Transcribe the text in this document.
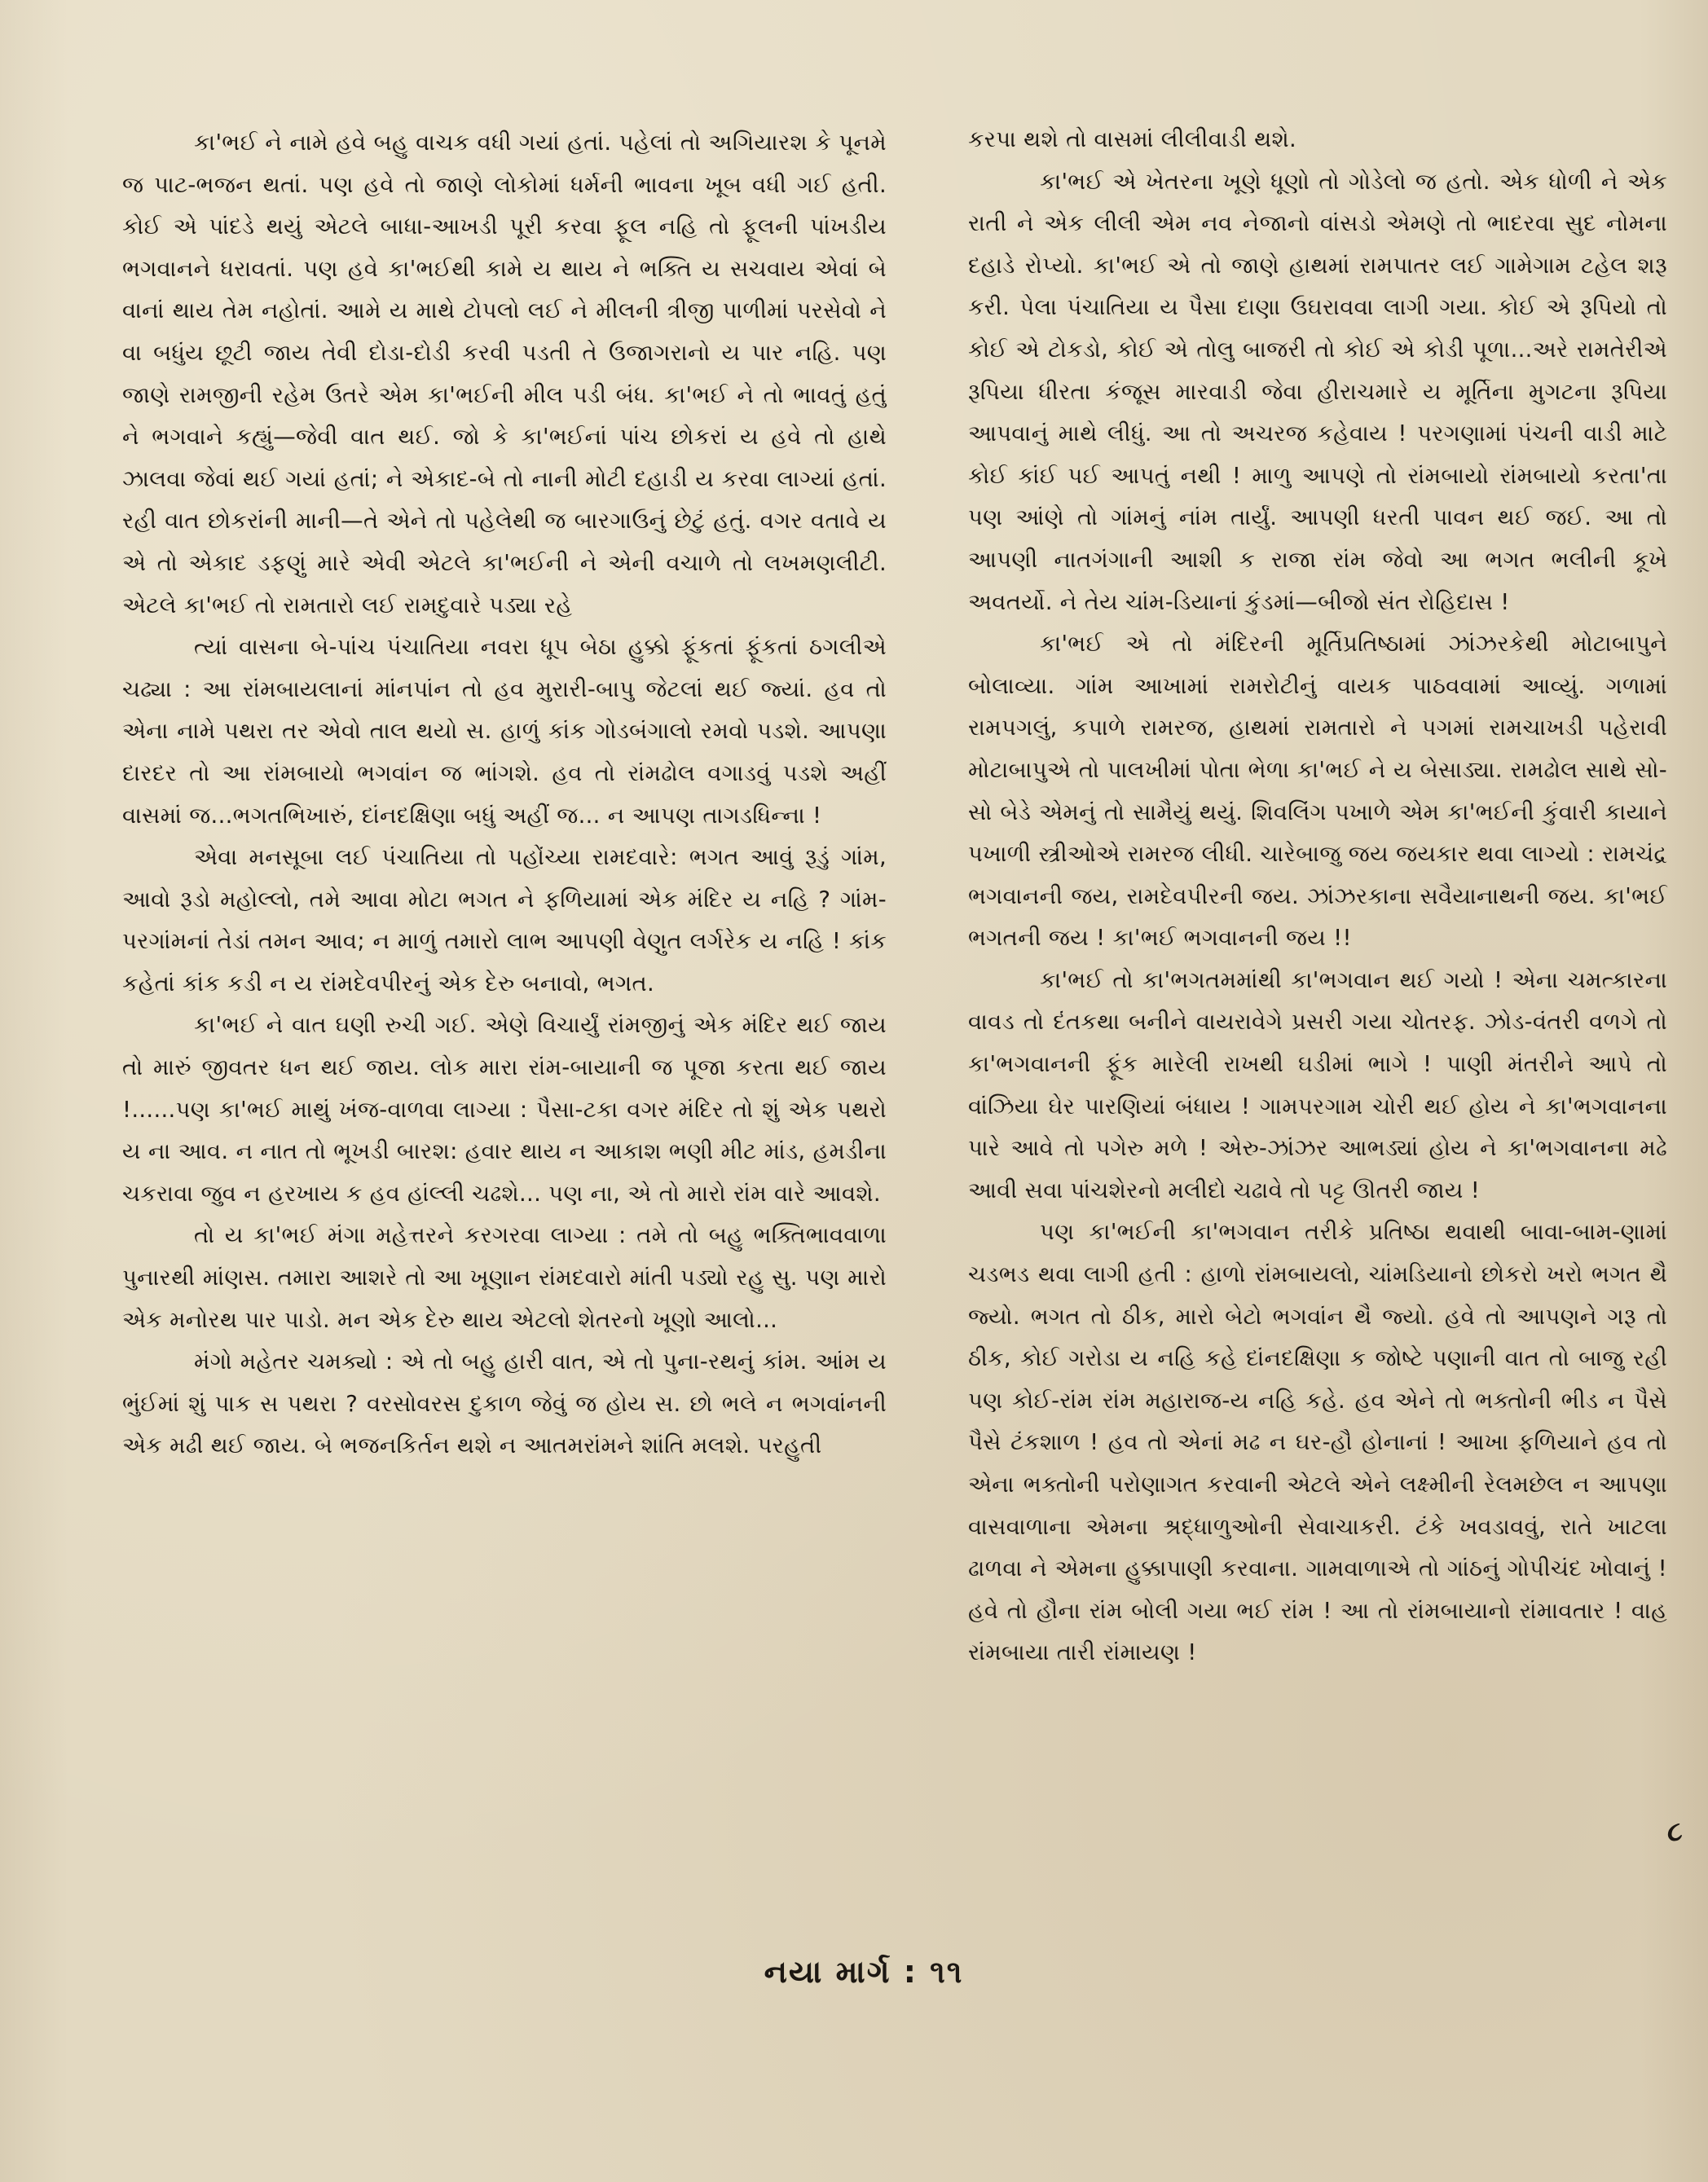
કા'ભઈ ને નામે હવે બહુ વાચક વધી ગયાં હતાં. પહેલાં તો અગિયારશ કે પૂનમે જ પાટ-ભજન થતાં. પણ હવે તો જાણે લોકોમાં ધર્મની ભાવના ખૂબ વધી ગઈ હતી. કોઈ એ પાંદડે થયું એટલે બાધા-આખડી પૂરી કરવા ફૂલ નહિ તો ફૂલની પાંખડીય ભગવાનને ધરાવતાં. પણ હવે કા'ભઈથી કામે ય થાય ને ભક્તિ ય સચવાય એવાં બે વાનાં થાય તેમ નહોતાં. આમે ય માથે ટોપલો લઈ ને મીલની ત્રીજી પાળીમાં પરસેવો ને વા બધુંય છૂટી જાય તેવી દોડા-દોડી કરવી પડતી તે ઉજાગરાનો ય પાર નહિ. પણ જાણે રામજીની રહેમ ઉતરે એમ કા'ભઈની મીલ પડી બંધ. કા'ભઈ ને તો ભાવતું હતું ને ભગવાને કહ્યું—જેવી વાત થઈ. જો કે કા'ભઈનાં પાંચ છોકરાં ય હવે તો હાથે ઝાલવા જેવાં થઈ ગયાં હતાં; ને એકાદ-બે તો નાની મોટી દહાડી ય કરવા લાગ્યાં હતાં. રહી વાત છોકરાંની માની—તે એને તો પહેલેથી જ બારગાઉનું છેટું હતું. વગર વતાવે ય એ તો એકાદ ડફણું મારે એવી એટલે કા'ભઈની ને એની વચાળે તો લખમણલીટી. એટલે કા'ભઈ તો રામતારો લઈ રામદુવારે પડ્યા રહે

ત્યાં વાસના બે-પાંચ પંચાતિયા નવરા ધૂપ બેઠા હુક્કો ફૂંકતાં ફૂંકતાં ઠગલીએ ચઢ્યા : આ રાંમબાયલાનાં માંનપાંન તો હવ મુરારી-બાપુ જેટલાં થઈ જ્યાં. હવ તો એના નામે પથરા તર એવો તાલ થયો સ. હાળું કાંક ગોડબંગાલો રમવો પડશે. આપણા દારદર તો આ રાંમબાયો ભગવાંન જ ભાંગશે. હવ તો રાંમઢોલ વગાડવું પડશે અહીં વાસમાં જ...ભગતભિખારું, દાંનદક્ષિણા બધું અહીં જ... ન આપણ તાગડધિન્ના !

એવા મનસૂબા લઈ પંચાતિયા તો પહોંચ્યા રામદવારે: ભગત આવું રૂડું ગાંમ, આવો રૂડો મહોલ્લો, તમે આવા મોટા ભગત ને ફળિયામાં એક મંદિર ય નહિ ? ગાંમ-પરગાંમનાં તેડાં તમન આવ; ન માળું તમારો લાભ આપણી વેણુત લર્ગરેક ય નહિ ! કાંક કહેતાં કાંક કડી ન ય રાંમદેવપીરનું એક દેરુ બનાવો, ભગત.

કા'ભઈ ને વાત ઘણી રુચી ગઈ. એણે વિચાર્યું રાંમજીનું એક મંદિર થઈ જાય તો મારું જીવતર ધન થઈ જાય. લોક મારા રાંમ-બાયાની જ પૂજા કરતા થઈ જાય !......પણ કા'ભઈ માથું ખંજ-વાળવા લાગ્યા : પૈસા-ટકા વગર મંદિર તો શું એક પથરો ય ના આવ. ન નાત તો ભૂખડી બારશ: હવાર થાય ન આકાશ ભણી મીટ માંડ, હમડીના ચકરાવા જુવ ન હરખાય ક હવ હાંલ્લી ચઢશે... પણ ના, એ તો મારો રાંમ વારે આવશે.

તો ય કા'ભઈ મંગા મહેત્તરને કરગરવા લાગ્યા : તમે તો બહુ ભક્તિભાવવાળા પુનારથી માંણસ. તમારા આશરે તો આ ખૂણાન રાંમદવારો માંતી પડ્યો રહુ સુ. પણ મારો એક મનોરથ પાર પાડો. મન એક દેરુ થાય એટલો શેતરનો ખૂણો આલો...

મંગો મહેતર ચમક્યો : એ તો બહુ હારી વાત, એ તો પુના-રથનું કાંમ. આંમ ય ભુંઈમાં શું પાક સ પથરા ? વરસોવરસ દુકાળ જેવું જ હોય સ. છો ભલે ન ભગવાંનની એક મઢી થઈ જાય. બે ભજનકિર્તન થશે ન આતમરાંમને શાંતિ મલશે. પરહુતી

કરપા થશે તો વાસમાં લીલીવાડી થશે.

કા'ભઈ એ ખેતરના ખૂણે ધૂણો તો ગોડેલો જ હતો. એક ધોળી ને એક રાતી ને એક લીલી એમ નવ નેજાનો વાંસડો એમણે તો ભાદરવા સુદ નોમના દહાડે રોપ્યો. કા'ભઈ એ તો જાણે હાથમાં રામપાતર લઈ ગામેગામ ટહેલ શરૂ કરી. પેલા પંચાતિયા ય પૈસા દાણા ઉઘરાવવા લાગી ગયા. કોઈ એ રૂપિયો તો કોઈ એ ટોકડો, કોઈ એ તોલુ બાજરી તો કોઈ એ કોડી પૂળા...અરે રામતેરીએ રૂપિયા ધીરતા કંજૂસ મારવાડી જેવા હીરાચમારે ય મૂર્તિના મુગટના રૂપિયા આપવાનું માથે લીધું. આ તો અચરજ કહેવાય ! પરગણામાં પંચની વાડી માટે કોઈ કાંઈ પઈ આપતું નથી ! માળુ આપણે તો રાંમબાયો રાંમબાયો કરતા'તા પણ આંણે તો ગાંમનું નાંમ તાર્યું. આપણી ધરતી પાવન થઈ જઈ. આ તો આપણી નાતગંગાની આશી ક રાજા રાંમ જેવો આ ભગત ભલીની કૂખે અવતર્યો. ને તેય ચાંમ-ડિયાનાં કુંડમાં—બીજો સંત રોહિદાસ !

કા'ભઈ એ તો મંદિરની મૂર્તિપ્રતિષ્ઠામાં ઝાંઝરકેથી મોટાબાપુને બોલાવ્યા. ગાંમ આખામાં રામરોટીનું વાયક પાઠવવામાં આવ્યું. ગળામાં રામપગલું, કપાળે રામરજ, હાથમાં રામતારો ને પગમાં રામચાખડી પહેરાવી મોટાબાપુએ તો પાલખીમાં પોતા ભેળા કા'ભઈ ને ય બેસાડ્યા. રામઢોલ સાથે સો-સો બેડે એમનું તો સામૈયું થયું. શિવલિંગ પખાળે એમ કા'ભઈની કુંવારી કાયાને પખાળી સ્ત્રીઓએ રામરજ લીધી. ચારેબાજુ જય જયકાર થવા લાગ્યો : રામચંદ્ર ભગવાનની જય, રામદેવપીરની જય. ઝાંઝરકાના સવૈયાનાથની જય. કા'ભઈ ભગતની જય ! કા'ભઈ ભગવાનની જય !!

કા'ભઈ તો કા'ભગતમમાંથી કા'ભગવાન થઈ ગયો ! એના ચમત્કારના વાવડ તો દંતકથા બનીને વાયરાવેગે પ્રસરી ગયા ચોતરફ. ઝોડ-વંતરી વળગે તો કા'ભગવાનની ફૂંક મારેલી રાખથી ઘડીમાં ભાગે ! પાણી મંતરીને આપે તો વાંઝિયા ઘેર પારણિયાં બંધાય ! ગામપરગામ ચોરી થઈ હોય ને કા'ભગવાનના પારે આવે તો પગેરુ મળે ! એરુ-ઝાંઝર આભડ્યાં હોય ને કા'ભગવાનના મઢે આવી સવા પાંચશેરનો મલીદો ચઢાવે તો પટ્ટ ઊતરી જાય !

પણ કા'ભઈની કા'ભગવાન તરીકે પ્રતિષ્ઠા થવાથી બાવા-બામ-ણામાં ચડભડ થવા લાગી હતી : હાળો રાંમબાયલો, ચાંમડિયાનો છોકરો ખરો ભગત થૈ જ્યો. ભગત તો ઠીક, મારો બેટો ભગવાંન થૈ જ્યો. હવે તો આપણને ગરૂ તો ઠીક, કોઈ ગરોડા ય નહિ કહે દાંનદક્ષિણા ક જોષ્ટે પણાની વાત તો બાજુ રહી પણ કોઈ-રાંમ રાંમ મહારાજ-ય નહિ કહે. હવ એને તો ભક્તોની ભીડ ન પૈસે પૈસે ટંકશાળ ! હવ તો એનાં મઢ ન ઘર-હૌ હોનાનાં ! આખા ફળિયાને હવ તો એના ભક્તોની પરોણાગત કરવાની એટલે એને લક્ષ્મીની રેલમછેલ ન આપણા વાસવાળાના એમના શ્રદ્ધાળુઓની સેવાચાકરી. ટંકે ખવડાવવું, રાતે ખાટલા ઢાળવા ને એમના હુક્કાપાણી કરવાના. ગામવાળાએ તો ગાંઠનું ગોપીચંદ ખોવાનું ! હવે તો હૌના રાંમ બોલી ગયા ભઈ રાંમ ! આ તો રાંમબાયાનો રાંમાવતાર ! વાહ રાંમબાયા તારી રાંમાયણ !

૮
નયા માર્ગ : ૧૧
